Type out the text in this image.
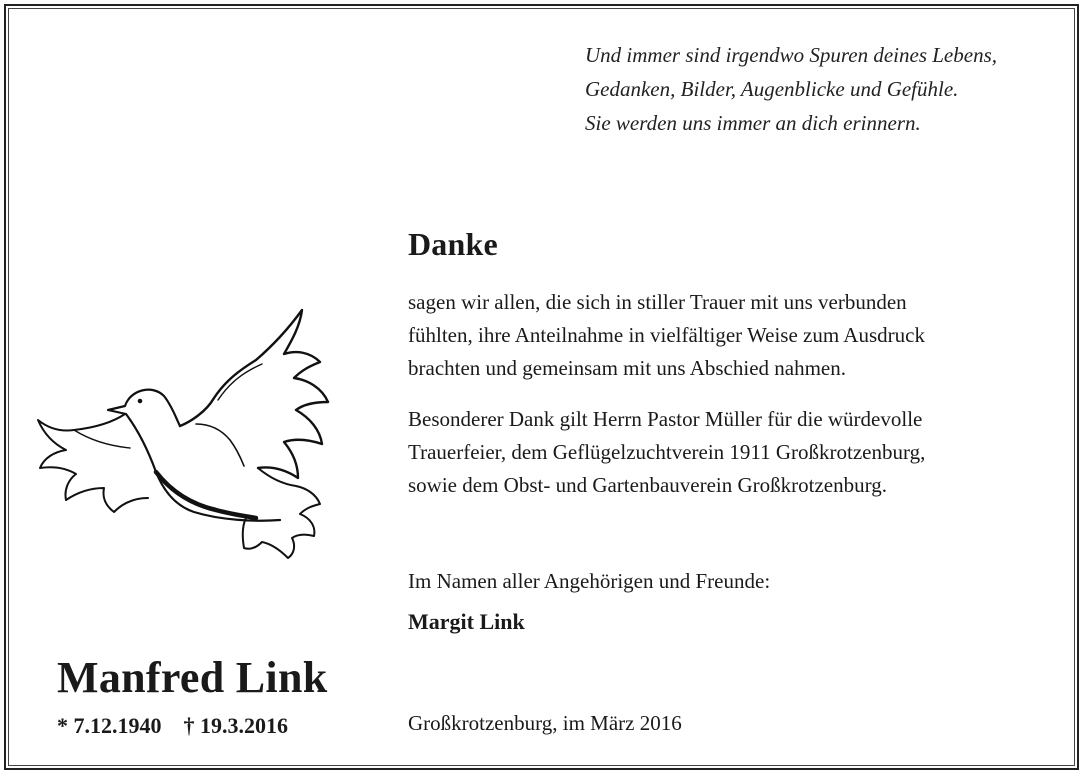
Und immer sind irgendwo Spuren deines Lebens,
Gedanken, Bilder, Augenblicke und Gefühle.
Sie werden uns immer an dich erinnern.
Danke
sagen wir allen, die sich in stiller Trauer mit uns verbunden
fühlten, ihre Anteilnahme in vielfältiger Weise zum Ausdruck
brachten und gemeinsam mit uns Abschied nahmen.
Besonderer Dank gilt Herrn Pastor Müller für die würdevolle
Trauerfeier, dem Geflügelzuchtverein 1911 Großkrotzenburg,
sowie dem Obst- und Gartenbauverein Großkrotzenburg.
Im Namen aller Angehörigen und Freunde:
Margit Link
Großkrotzenburg, im März 2016
Manfred Link
* 7.12.1940 † 19.3.2016
